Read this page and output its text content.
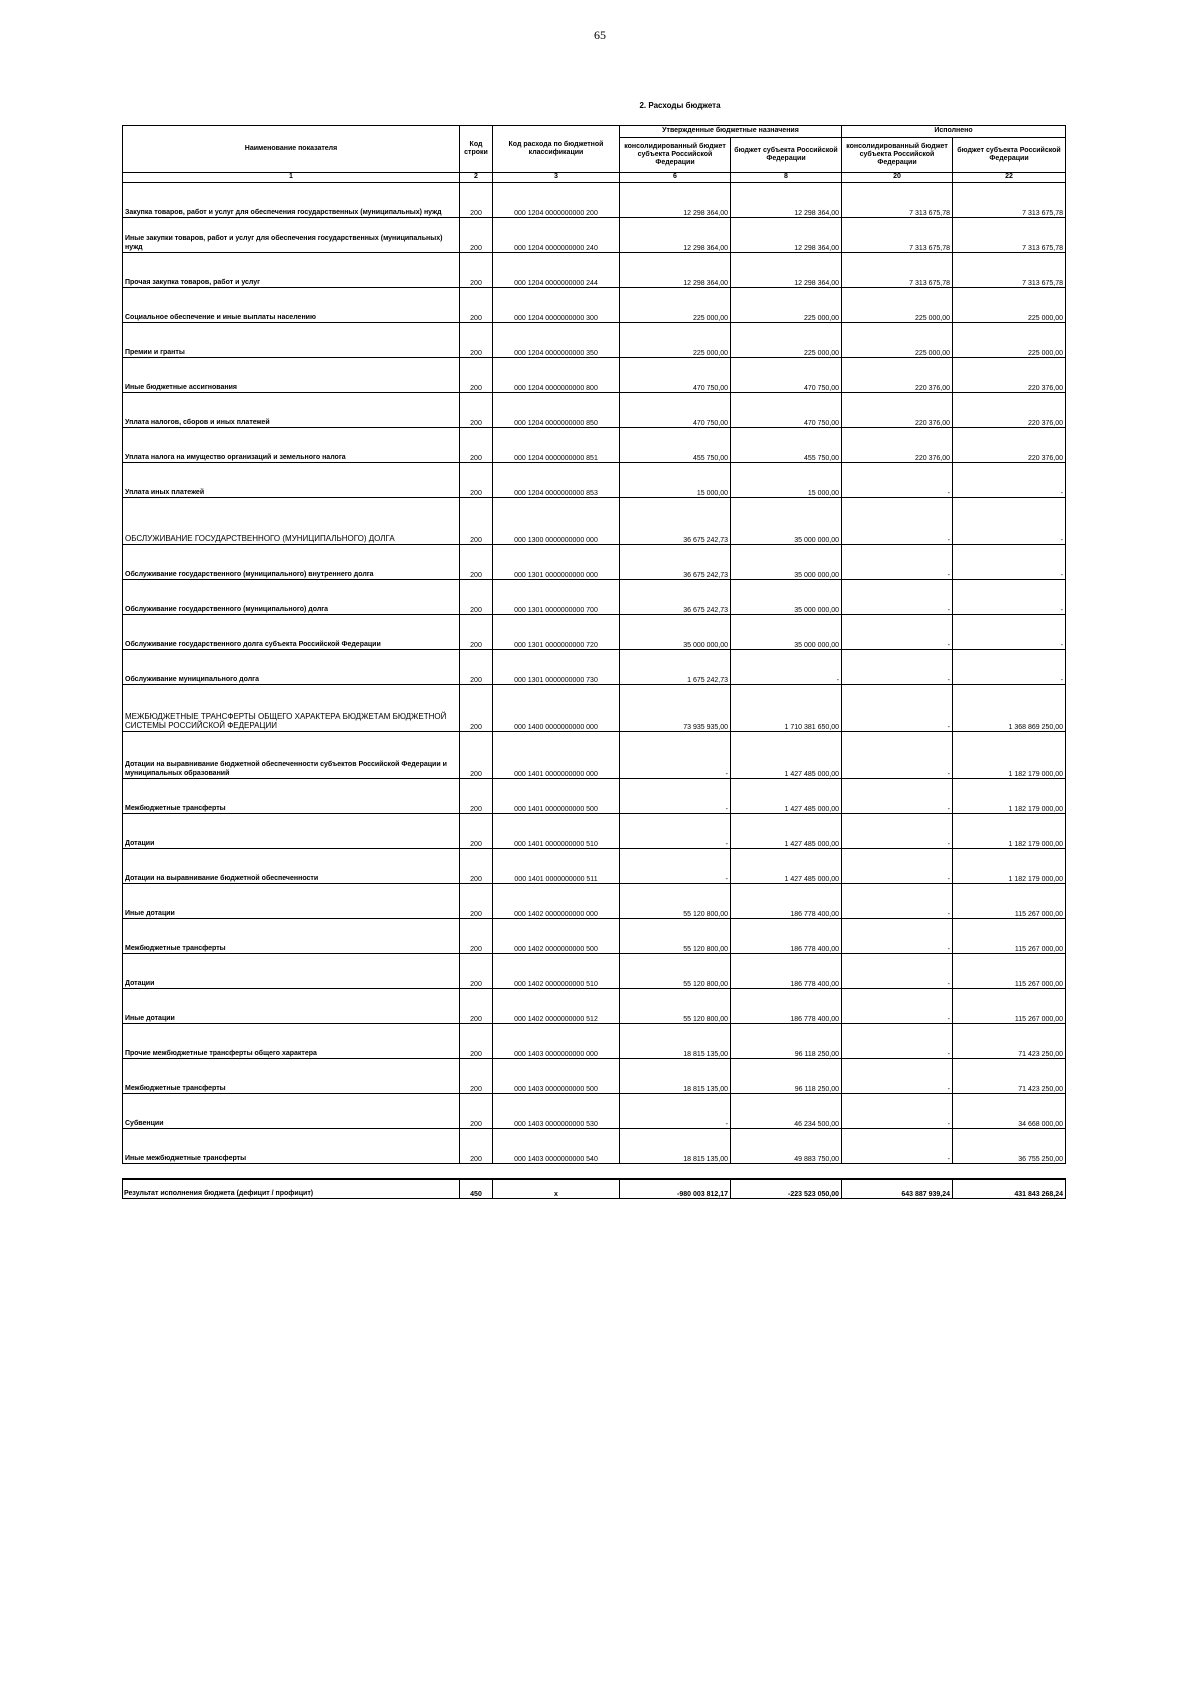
65
2. Расходы бюджета
Наименование показателя	Код строки	Код расхода по бюджетной классификации	Утвержденные бюджетные назначения		Исполнено	
			консолидированный бюджет субъекта Российской Федерации	бюджет субъекта Российской Федерации	консолидированный бюджет субъекта Российской Федерации	бюджет субъекта Российской Федерации
1	2	3	6	8	20	22
Закупка товаров, работ и услуг для обеспечения государственных (муниципальных) нужд	200	000 1204 0000000000 200	12 298 364,00	12 298 364,00	7 313 675,78	7 313 675,78
Иные закупки товаров, работ и услуг для обеспечения государственных (муниципальных) нужд	200	000 1204 0000000000 240	12 298 364,00	12 298 364,00	7 313 675,78	7 313 675,78
Прочая закупка товаров, работ и услуг	200	000 1204 0000000000 244	12 298 364,00	12 298 364,00	7 313 675,78	7 313 675,78
Социальное обеспечение и иные выплаты населению	200	000 1204 0000000000 300	225 000,00	225 000,00	225 000,00	225 000,00
Премии и гранты	200	000 1204 0000000000 350	225 000,00	225 000,00	225 000,00	225 000,00
Иные бюджетные ассигнования	200	000 1204 0000000000 800	470 750,00	470 750,00	220 376,00	220 376,00
Уплата налогов, сборов и иных платежей	200	000 1204 0000000000 850	470 750,00	470 750,00	220 376,00	220 376,00
Уплата налога на имущество организаций и земельного налога	200	000 1204 0000000000 851	455 750,00	455 750,00	220 376,00	220 376,00
Уплата иных платежей	200	000 1204 0000000000 853	15 000,00	15 000,00	-	-
ОБСЛУЖИВАНИЕ ГОСУДАРСТВЕННОГО (МУНИЦИПАЛЬНОГО) ДОЛГА	200	000 1300 0000000000 000	36 675 242,73	35 000 000,00	-	-
Обслуживание государственного (муниципального) внутреннего долга	200	000 1301 0000000000 000	36 675 242,73	35 000 000,00	-	-
Обслуживание государственного (муниципального) долга	200	000 1301 0000000000 700	36 675 242,73	35 000 000,00	-	-
Обслуживание государственного долга субъекта Российской Федерации	200	000 1301 0000000000 720	35 000 000,00	35 000 000,00	-	-
Обслуживание муниципального долга	200	000 1301 0000000000 730	1 675 242,73	-	-	-
МЕЖБЮДЖЕТНЫЕ ТРАНСФЕРТЫ ОБЩЕГО ХАРАКТЕРА БЮДЖЕТАМ БЮДЖЕТНОЙ СИСТЕМЫ РОССИЙСКОЙ ФЕДЕРАЦИИ	200	000 1400 0000000000 000	73 935 935,00	1 710 381 650,00	-	1 368 869 250,00
Дотации на выравнивание бюджетной обеспеченности субъектов Российской Федерации и муниципальных образований	200	000 1401 0000000000 000	-	1 427 485 000,00	-	1 182 179 000,00
Межбюджетные трансферты	200	000 1401 0000000000 500	-	1 427 485 000,00	-	1 182 179 000,00
Дотации	200	000 1401 0000000000 510	-	1 427 485 000,00	-	1 182 179 000,00
Дотации на выравнивание бюджетной обеспеченности	200	000 1401 0000000000 511	-	1 427 485 000,00	-	1 182 179 000,00
Иные дотации	200	000 1402 0000000000 000	55 120 800,00	186 778 400,00	-	115 267 000,00
Межбюджетные трансферты	200	000 1402 0000000000 500	55 120 800,00	186 778 400,00	-	115 267 000,00
Дотации	200	000 1402 0000000000 510	55 120 800,00	186 778 400,00	-	115 267 000,00
Иные дотации	200	000 1402 0000000000 512	55 120 800,00	186 778 400,00	-	115 267 000,00
Прочие межбюджетные трансферты общего характера	200	000 1403 0000000000 000	18 815 135,00	96 118 250,00	-	71 423 250,00
Межбюджетные трансферты	200	000 1403 0000000000 500	18 815 135,00	96 118 250,00	-	71 423 250,00
Субвенции	200	000 1403 0000000000 530	-	46 234 500,00	-	34 668 000,00
Иные межбюджетные трансферты	200	000 1403 0000000000 540	18 815 135,00	49 883 750,00	-	36 755 250,00

Результат исполнения бюджета (дефицит / профицит)	450	x	-980 003 812,17	-223 523 050,00	643 887 939,24	431 843 268,24
